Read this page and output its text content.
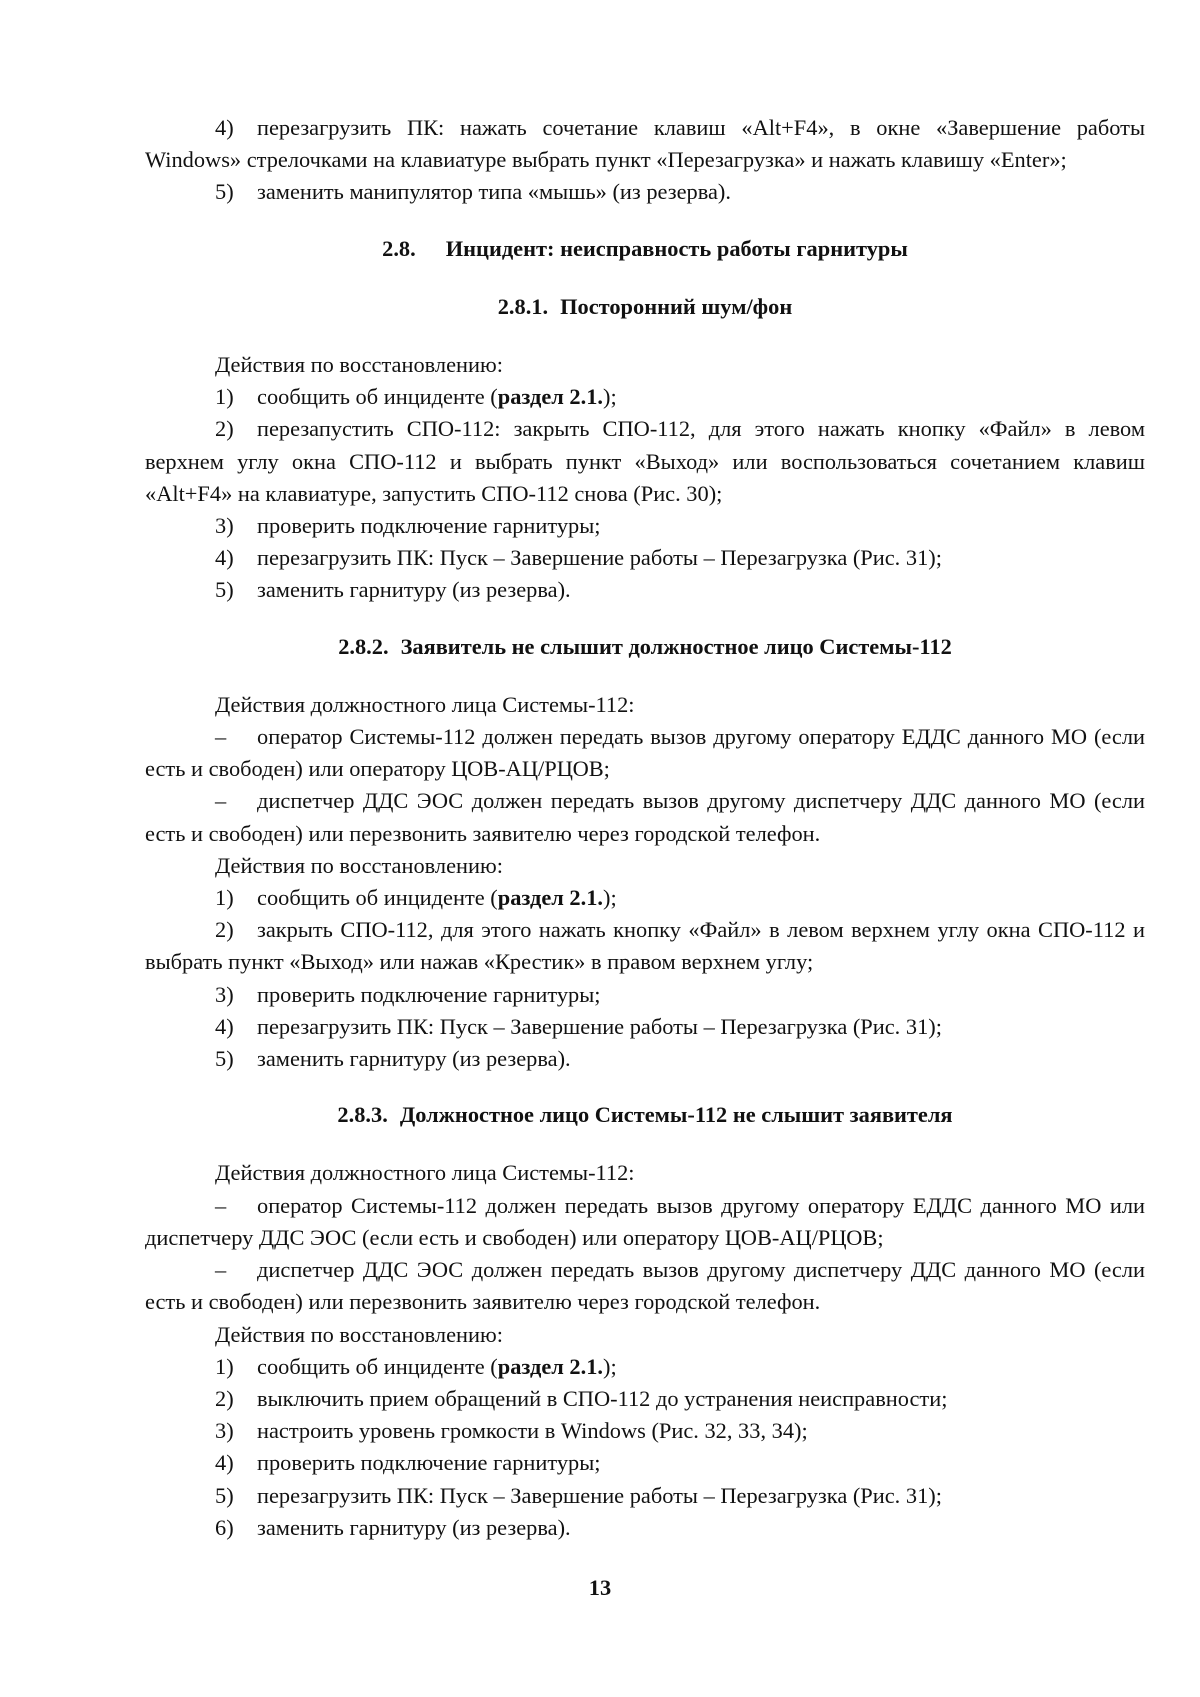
4) перезагрузить ПК: нажать сочетание клавиш «Alt+F4», в окне «Завершение работы Windows» стрелочками на клавиатуре выбрать пункт «Перезагрузка» и нажать клавишу «Enter»;
5) заменить манипулятор типа «мышь» (из резерва).
2.8. Инцидент: неисправность работы гарнитуры
2.8.1. Посторонний шум/фон
Действия по восстановлению:
1) сообщить об инциденте (раздел 2.1.);
2) перезапустить СПО-112: закрыть СПО-112, для этого нажать кнопку «Файл» в левом верхнем углу окна СПО-112 и выбрать пункт «Выход» или воспользоваться сочетанием клавиш «Alt+F4» на клавиатуре, запустить СПО-112 снова (Рис. 30);
3) проверить подключение гарнитуры;
4) перезагрузить ПК: Пуск – Завершение работы – Перезагрузка (Рис. 31);
5) заменить гарнитуру (из резерва).
2.8.2. Заявитель не слышит должностное лицо Системы-112
Действия должностного лица Системы-112:
– оператор Системы-112 должен передать вызов другому оператору ЕДДС данного МО (если есть и свободен) или оператору ЦОВ-АЦ/РЦОВ;
– диспетчер ДДС ЭОС должен передать вызов другому диспетчеру ДДС данного МО (если есть и свободен) или перезвонить заявителю через городской телефон.
Действия по восстановлению:
1) сообщить об инциденте (раздел 2.1.);
2) закрыть СПО-112, для этого нажать кнопку «Файл» в левом верхнем углу окна СПО-112 и выбрать пункт «Выход» или нажав «Крестик» в правом верхнем углу;
3) проверить подключение гарнитуры;
4) перезагрузить ПК: Пуск – Завершение работы – Перезагрузка (Рис. 31);
5) заменить гарнитуру (из резерва).
2.8.3. Должностное лицо Системы-112 не слышит заявителя
Действия должностного лица Системы-112:
– оператор Системы-112 должен передать вызов другому оператору ЕДДС данного МО или диспетчеру ДДС ЭОС (если есть и свободен) или оператору ЦОВ-АЦ/РЦОВ;
– диспетчер ДДС ЭОС должен передать вызов другому диспетчеру ДДС данного МО (если есть и свободен) или перезвонить заявителю через городской телефон.
Действия по восстановлению:
1) сообщить об инциденте (раздел 2.1.);
2) выключить прием обращений в СПО-112 до устранения неисправности;
3) настроить уровень громкости в Windows (Рис. 32, 33, 34);
4) проверить подключение гарнитуры;
5) перезагрузить ПК: Пуск – Завершение работы – Перезагрузка (Рис. 31);
6) заменить гарнитуру (из резерва).
13
